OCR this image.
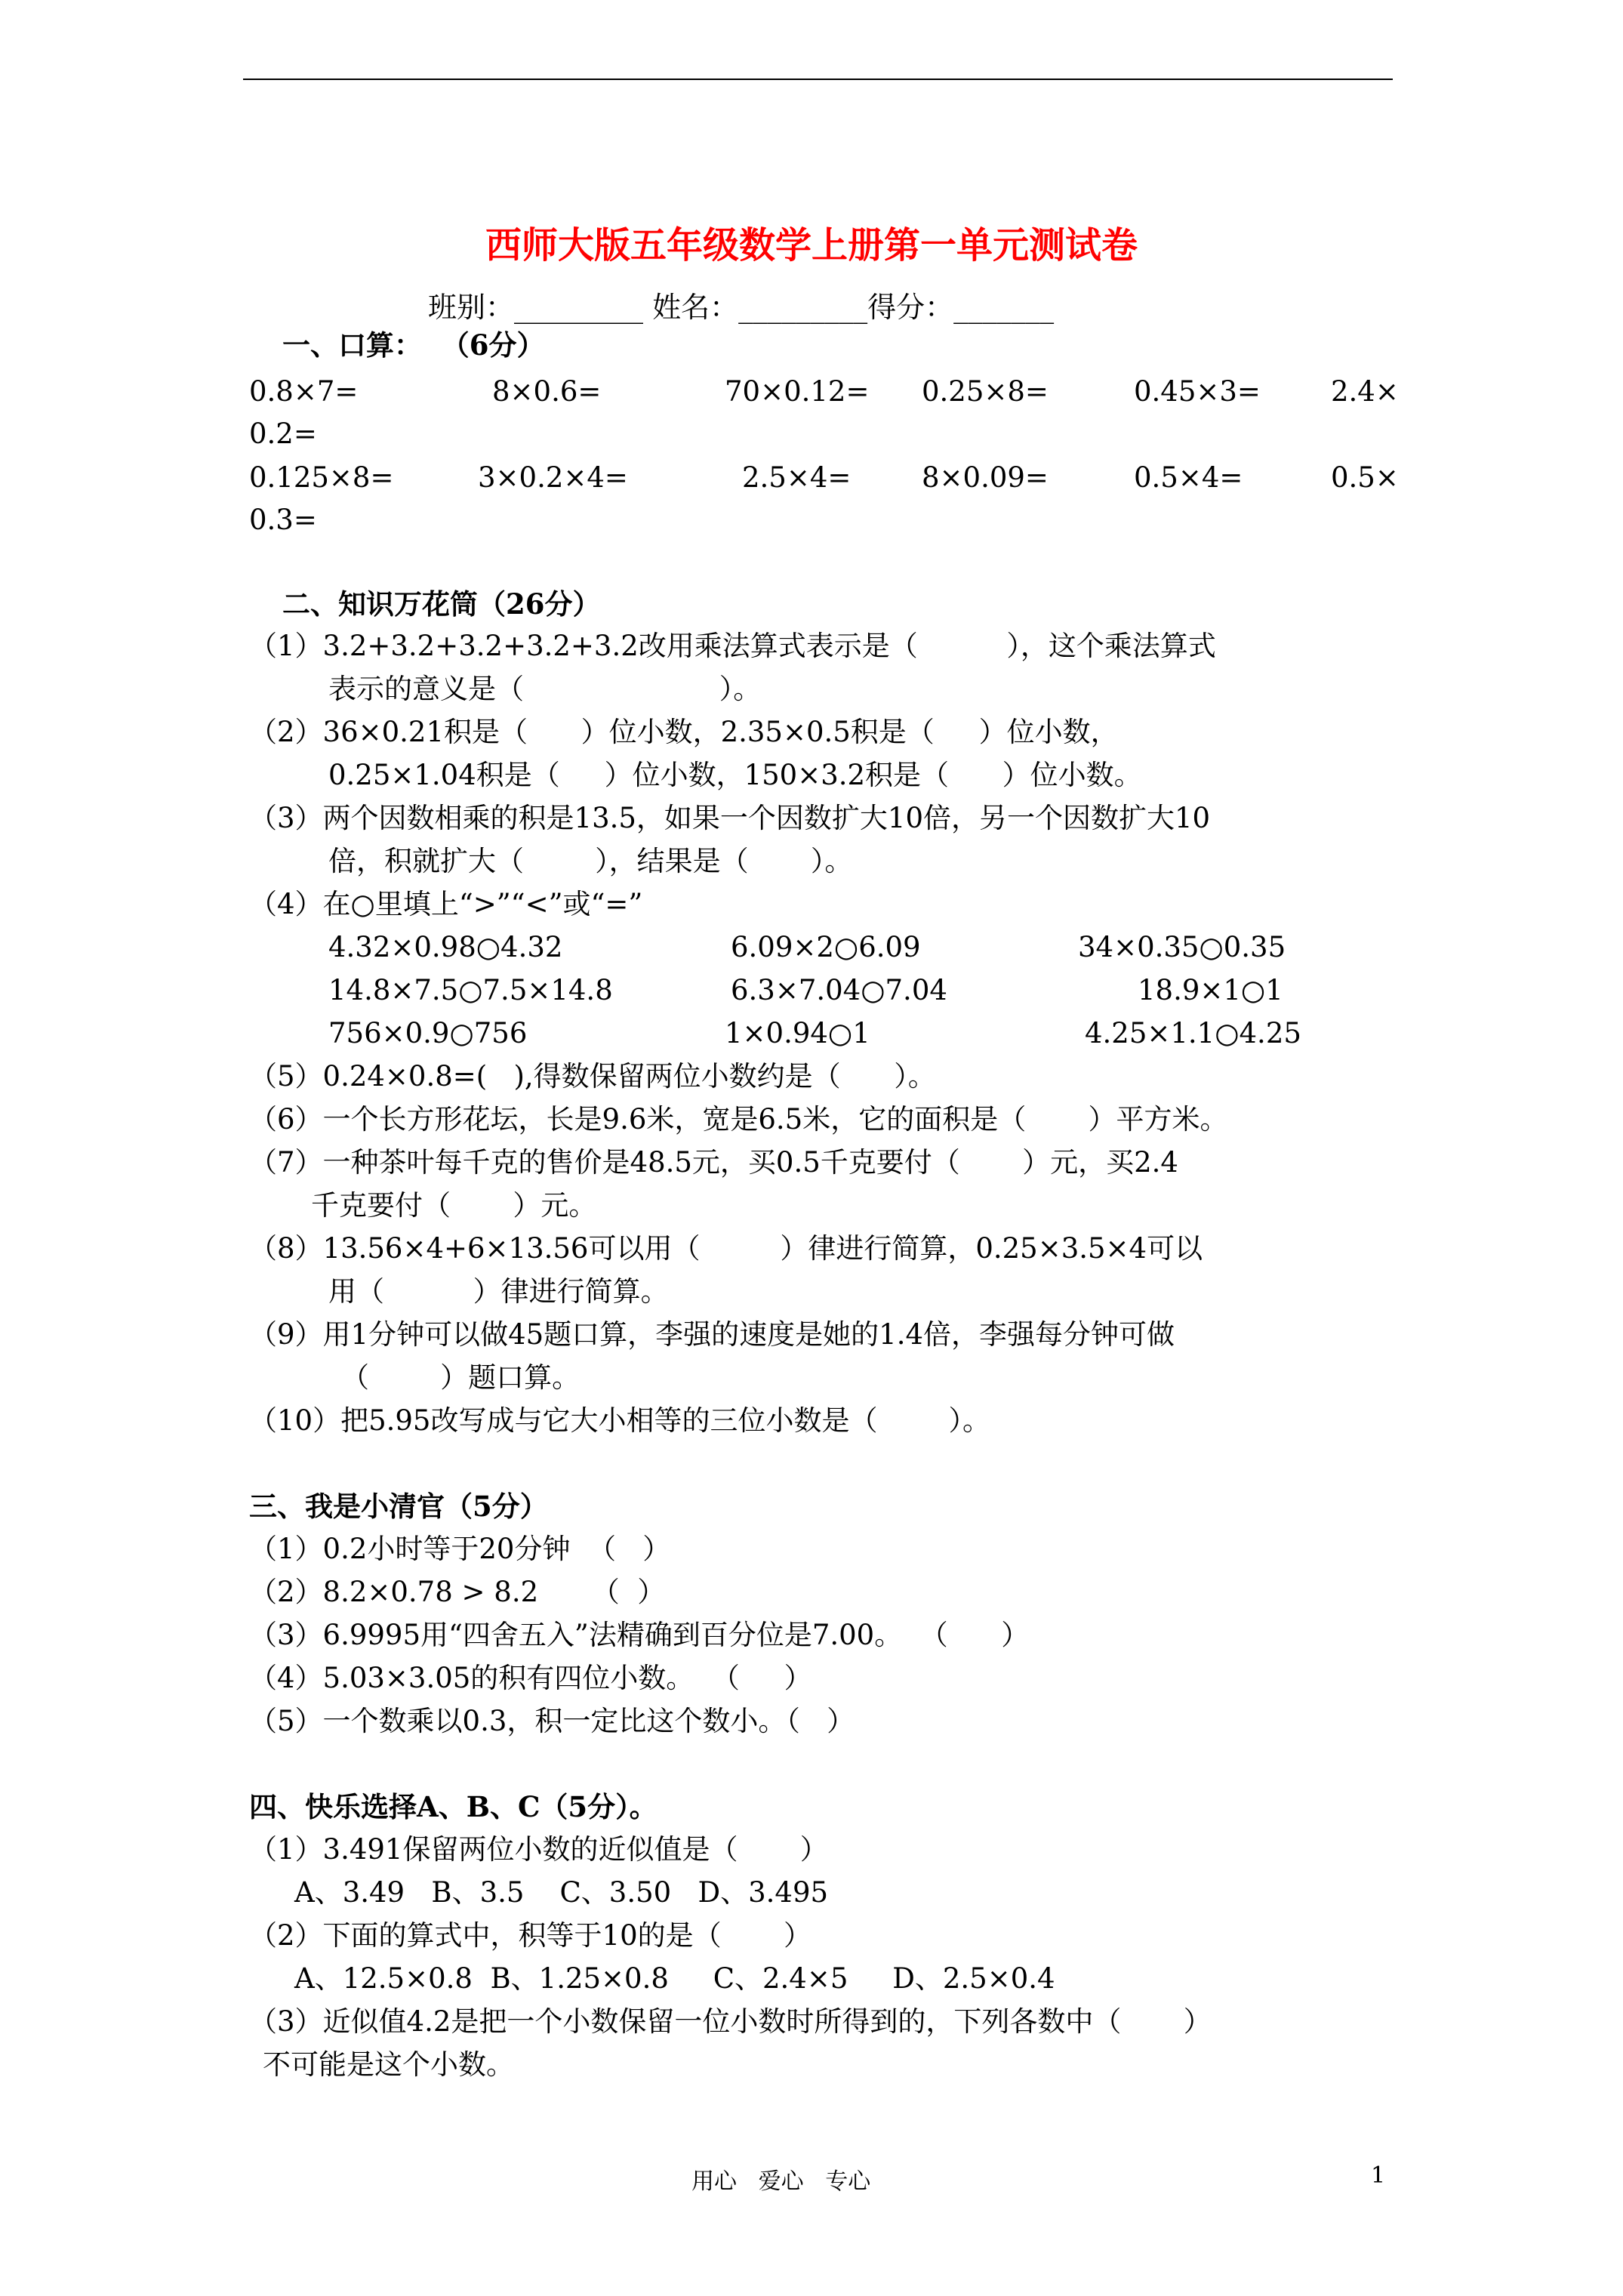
西师大版五年级数学上册第一单元测试卷
班别：_________ 姓名：_________得分：_______
一、口算：  （6分）
0.8×7=	8×0.6=	70×0.12= 0.25×8=	0.45×3=	2.4×
0.2=
0.125×8=	3×0.2×4=	2.5×4=	8×0.09=	0.5×4=	0.5×
0.3=
二、知识万花筒（26分）
（1）3.2+3.2+3.2+3.2+3.2改用乘法算式表示是（          ），这个乘法算式
表示的意义是（                      ）。
（2）36×0.21积是（      ）位小数，2.35×0.5积是（     ）位小数，
0.25×1.04积是（     ）位小数，150×3.2积是（      ）位小数。
（3）两个因数相乘的积是13.5，如果一个因数扩大10倍，另一个因数扩大10
倍，积就扩大（        ），结果是（       ）。
（4）在○里填上“>”“<”或“=”
4.32×0.98○4.32	6.09×2○6.09	34×0.35○0.35
14.8×7.5○7.5×14.8	6.3×7.04○7.04	18.9×1○1
756×0.9○756	1×0.94○1	4.25×1.1○4.25
（5）0.24×0.8=(   ),得数保留两位小数约是（      ）。
（6）一个长方形花坛，长是9.6米，宽是6.5米，它的面积是（       ）平方米。
（7）一种茶叶每千克的售价是48.5元，买0.5千克要付（       ）元，买2.4
千克要付（       ）元。
（8）13.56×4+6×13.56可以用（         ）律进行简算，0.25×3.5×4可以
用（          ）律进行简算。
（9）用1分钟可以做45题口算，李强的速度是她的1.4倍，李强每分钟可做
（        ）题口算。
（10）把5.95改写成与它大小相等的三位小数是（        ）。
三、我是小清官（5分）
（1）0.2小时等于20分钟  （   ）
（2）8.2×0.78 > 8.2      （  ）
（3）6.9995用“四舍五入”法精确到百分位是7.00。  （      ）
（4）5.03×3.05的积有四位小数。  （     ）
（5）一个数乘以0.3，积一定比这个数小。（   ）
四、快乐选择A、B、C（5分）。
（1）3.491保留两位小数的近似值是（       ）
A、3.49   B、3.5    C、3.50   D、3.495
（2）下面的算式中，积等于10的是（       ）
A、12.5×0.8  B、1.25×0.8     C、2.4×5     D、2.5×0.4
（3）近似值4.2是把一个小数保留一位小数时所得到的，下列各数中（       ）
不可能是这个小数。
用心   爱心   专心	1
